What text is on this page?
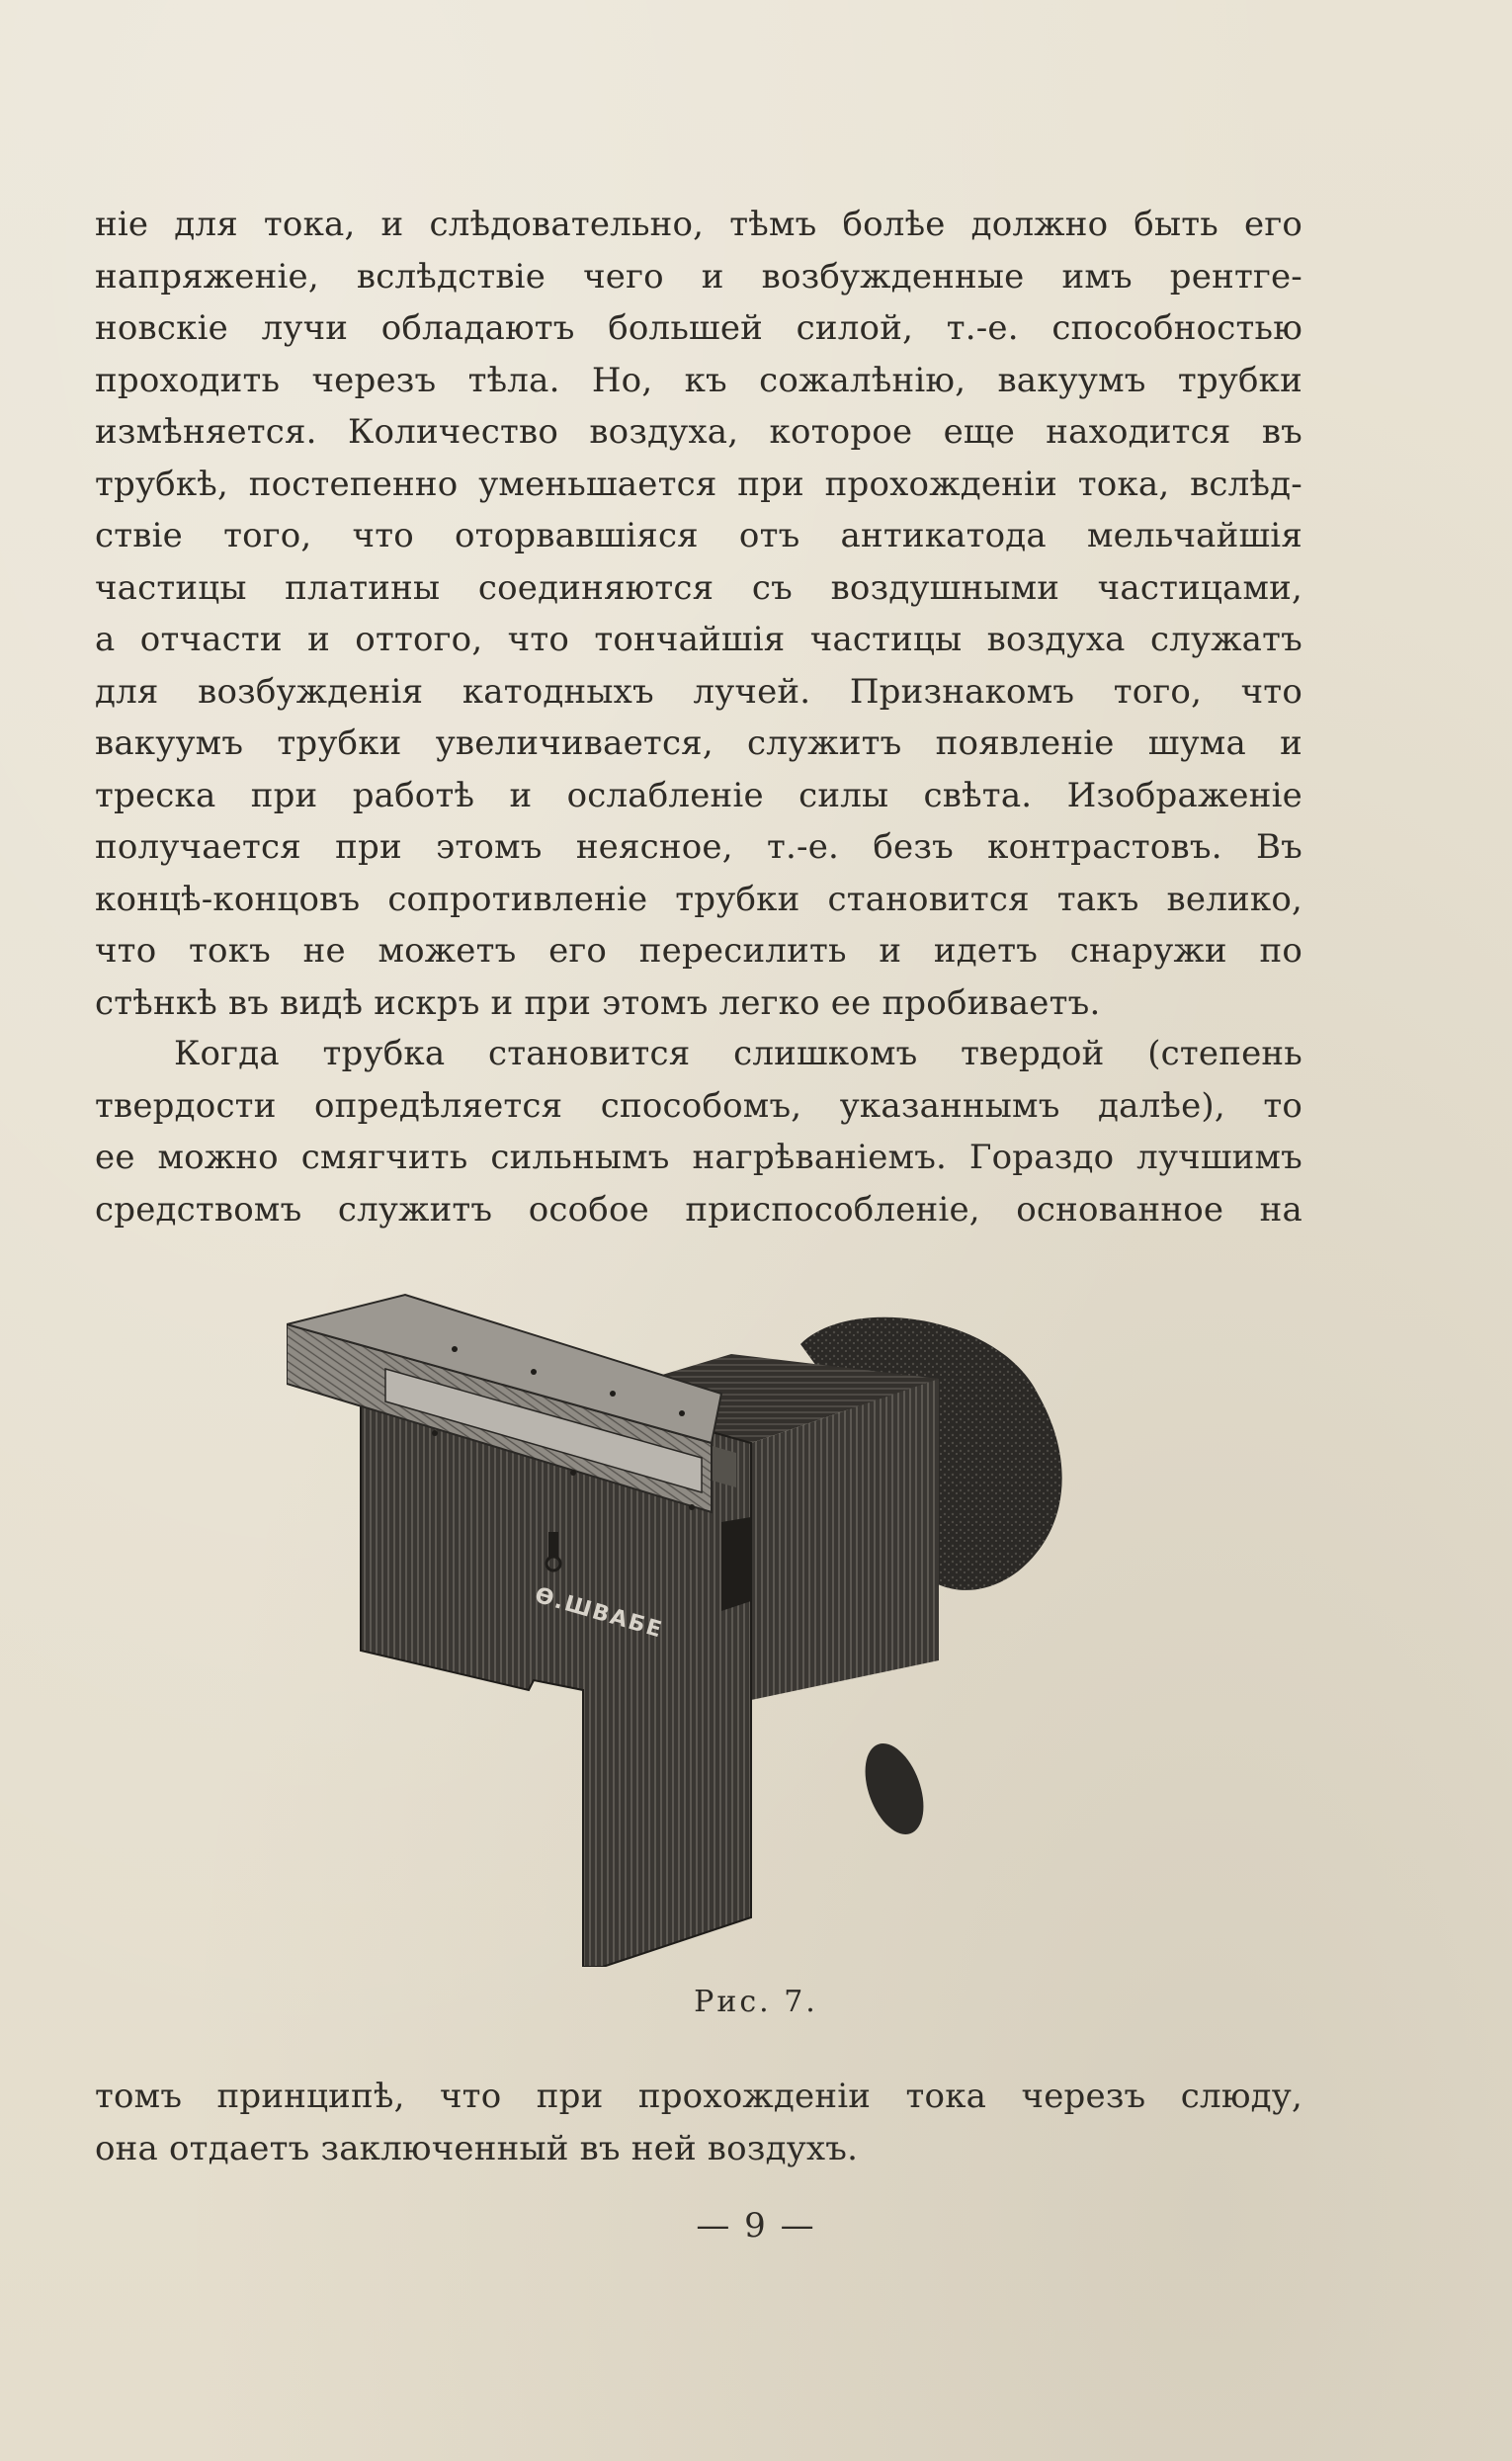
ніе для тока, и слѣдовательно, тѣмъ болѣе должно быть его
напряженіе, вслѣдствіе чего и возбужденные имъ рентге-
новскіе лучи обладаютъ большей силой, т.-е. способностью
проходить черезъ тѣла. Но, къ сожалѣнію, вакуумъ трубки
измѣняется. Количество воздуха, которое еще находится въ
трубкѣ, постепенно уменьшается при прохожденіи тока, вслѣд-
ствіе того, что оторвавшіяся отъ антикатода мельчайшія
частицы платины соединяются съ воздушными частицами,
а отчасти и оттого, что тончайшія частицы воздуха служатъ
для возбужденія катодныхъ лучей. Признакомъ того, что
вакуумъ трубки увеличивается, служитъ появленіе шума и
треска при работѣ и ослабленіе силы свѣта. Изображеніе
получается при этомъ неясное, т.-е. безъ контрастовъ. Въ
концѣ-концовъ сопротивленіе трубки становится такъ велико,
что токъ не можетъ его пересилить и идетъ снаружи по
стѣнкѣ въ видѣ искръ и при этомъ легко ее пробиваетъ.
Когда трубка становится слишкомъ твердой (степень
твердости опредѣляется способомъ, указаннымъ далѣе), то
ее можно смягчить сильнымъ нагрѣваніемъ. Гораздо лучшимъ
средствомъ служитъ особое приспособленіе, основанное на
Ѳ.ШВАБЕ
Рис. 7.
томъ принципѣ, что при прохожденіи тока черезъ слюду,
она отдаетъ заключенный въ ней воздухъ.
— 9 —
